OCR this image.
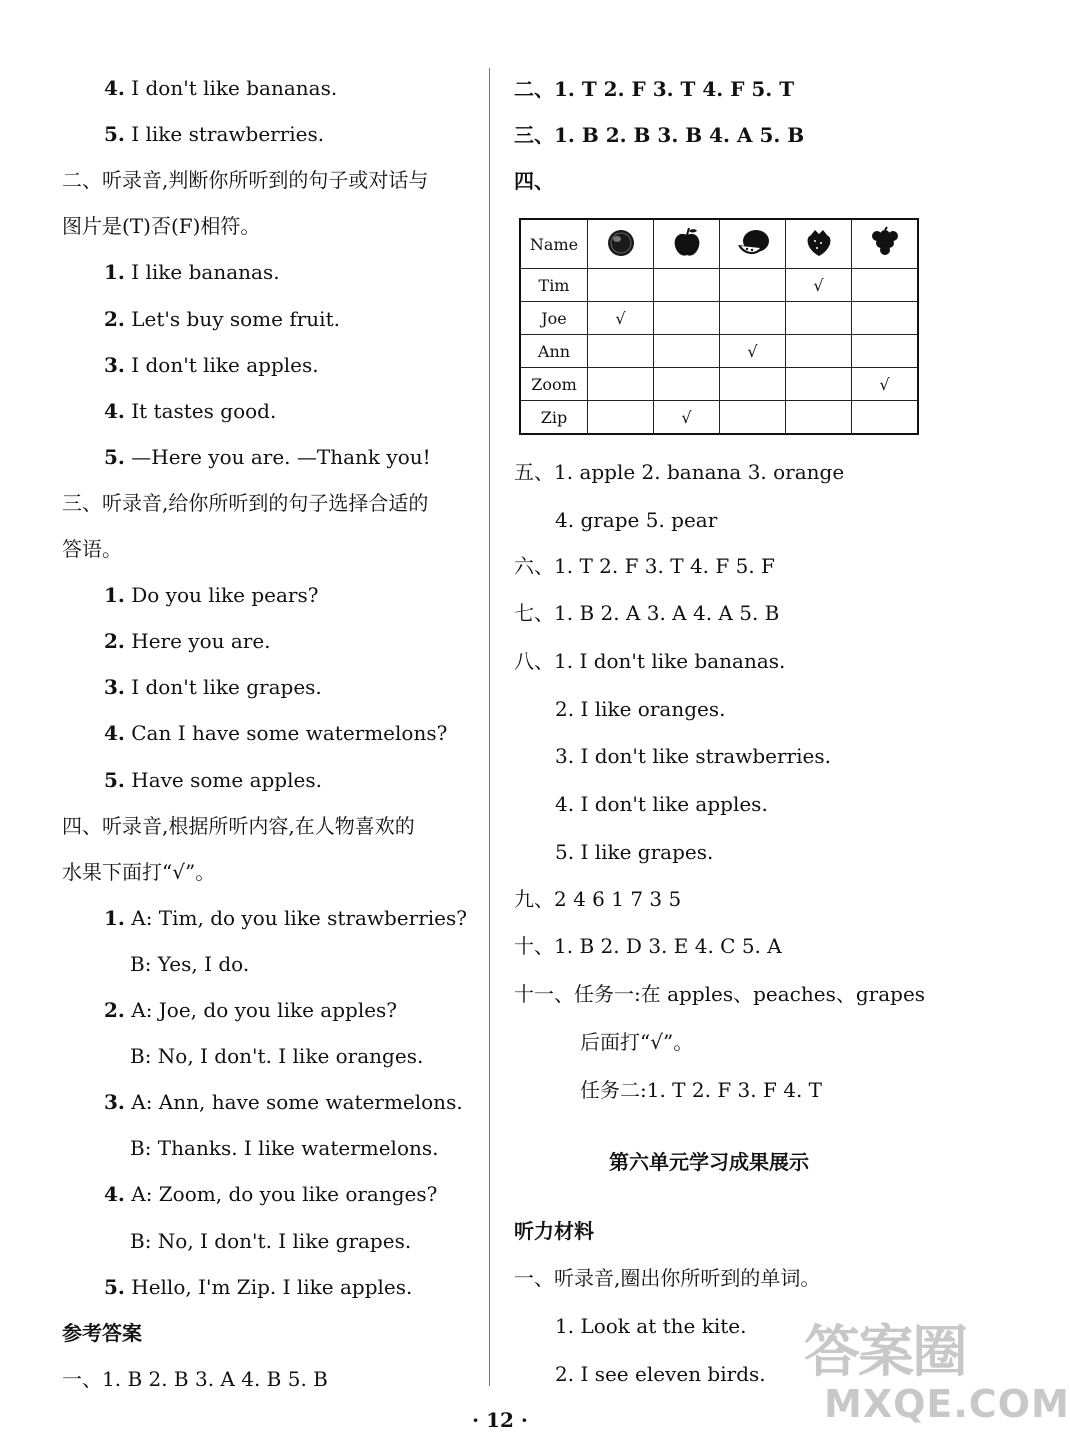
4. I don't like bananas.
5. I like strawberries.
二、听录音,判断你所听到的句子或对话与
图片是(T)否(F)相符。
1. I like bananas.
2. Let's buy some fruit.
3. I don't like apples.
4. It tastes good.
5. —Here you are. —Thank you!
三、听录音,给你所听到的句子选择合适的
答语。
1. Do you like pears?
2. Here you are.
3. I don't like grapes.
4. Can I have some watermelons?
5. Have some apples.
四、听录音,根据所听内容,在人物喜欢的
水果下面打“√”。
1. A: Tim, do you like strawberries?
B: Yes, I do.
2. A: Joe, do you like apples?
B: No, I don't. I like oranges.
3. A: Ann, have some watermelons.
B: Thanks. I like watermelons.
4. A: Zoom, do you like oranges?
B: No, I don't. I like grapes.
5. Hello, I'm Zip. I like apples.
参考答案
一、1. B 2. B 3. A 4. B 5. B
二、1. T 2. F 3. T 4. F 5. T
三、1. B 2. B 3. B 4. A 5. B
四、
五、1. apple 2. banana 3. orange
4. grape 5. pear
六、1. T 2. F 3. T 4. F 5. F
七、1. B 2. A 3. A 4. A 5. B
八、1. I don't like bananas.
2. I like oranges.
3. I don't like strawberries.
4. I don't like apples.
5. I like grapes.
九、2 4 6 1 7 3 5
十、1. B 2. D 3. E 4. C 5. A
十一、任务一:在 apples、peaches、grapes
后面打“√”。
任务二:1. T 2. F 3. F 4. T
第六单元学习成果展示
听力材料
一、听录音,圈出你所听到的单词。
1. Look at the kite.
2. I see eleven birds.
Name					
Tim				√	
Joe	√				
Ann			√		
Zoom					√
Zip		√			
· 12 ·
答案圈
MXQE.COM
